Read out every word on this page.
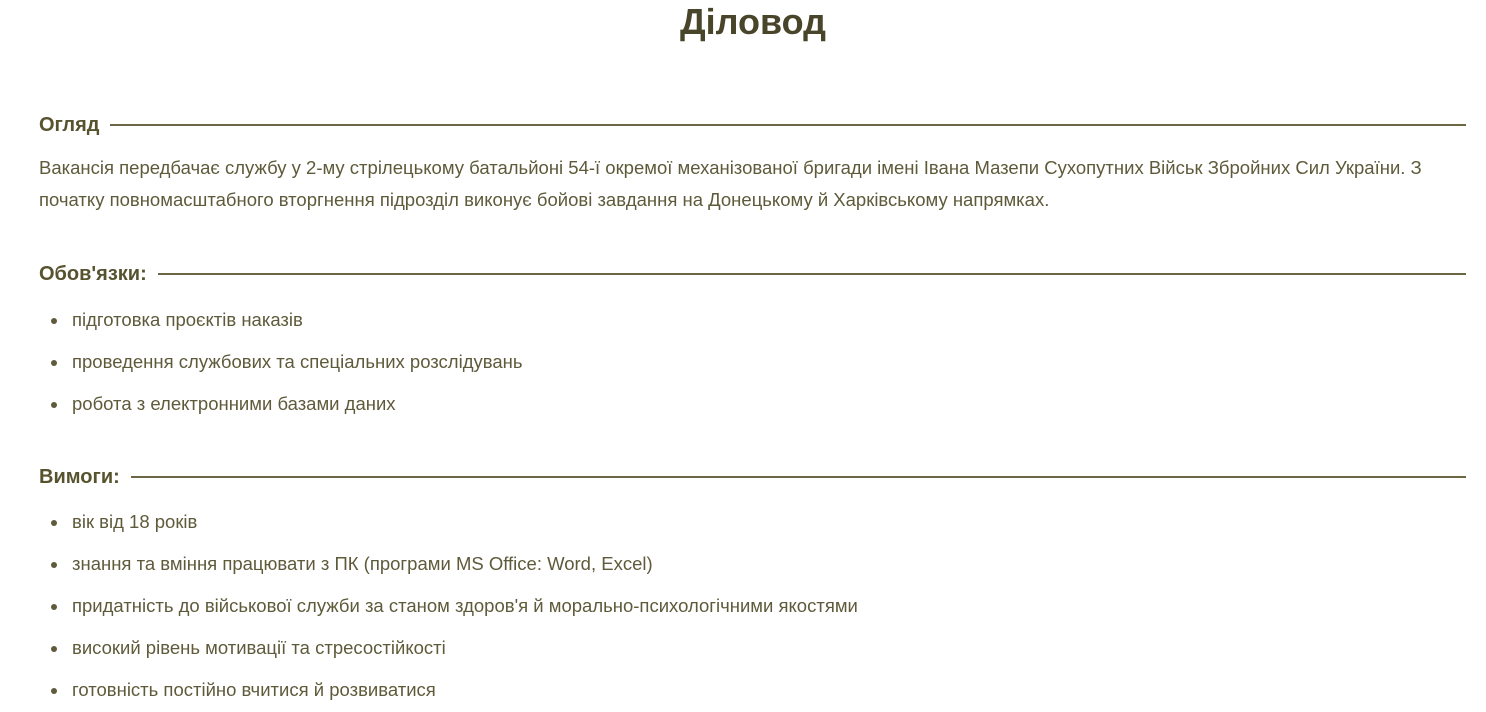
Діловод
Огляд

Вакансія передбачає службу у 2-му стрілецькому батальйоні 54-ї окремої механізованої бригади імені Івана Мазепи Сухопутних Військ Збройних Сил України. З початку повномасштабного вторгнення підрозділ виконує бойові завдання на Донецькому й Харківському напрямках.

Обов'язки:
підготовка проєктів наказів
проведення службових та спеціальних розслідувань
робота з електронними базами даних
Вимоги:
вік від 18 років
знання та вміння працювати з ПК (програми MS Office: Word, Excel)
придатність до військової служби за станом здоров'я й морально-психологічними якостями
високий рівень мотивації та стресостійкості
готовність постійно вчитися й розвиватися
